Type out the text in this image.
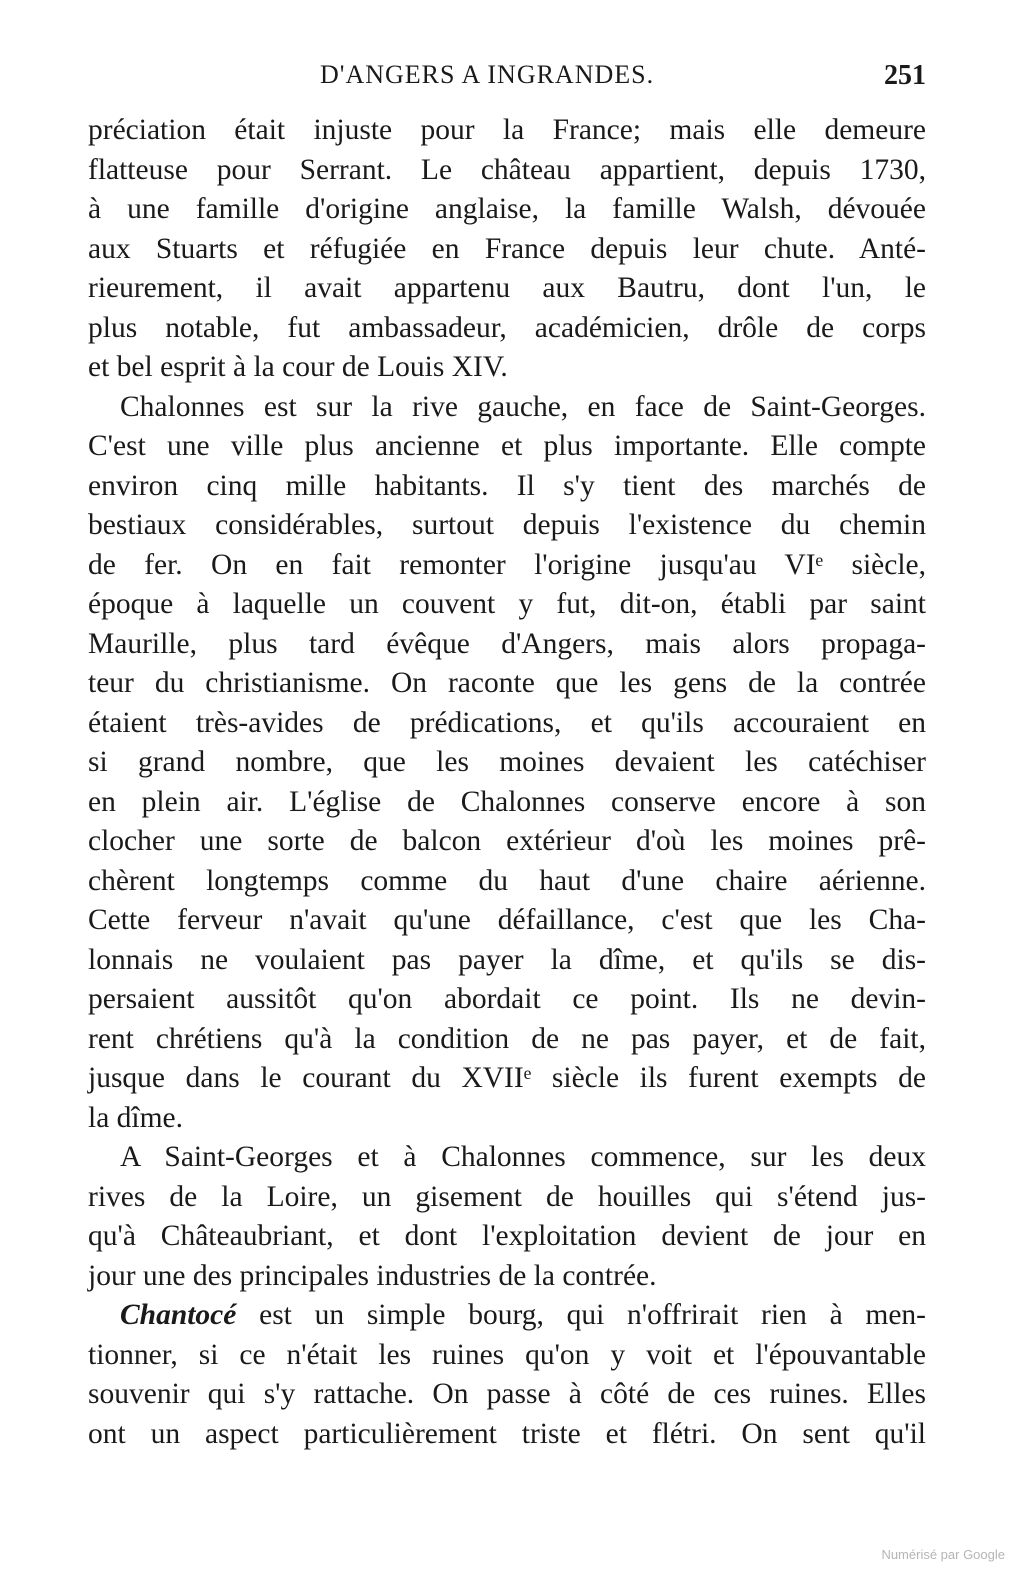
D'ANGERS A INGRANDES.	251
préciation était injuste pour la France; mais elle demeure
flatteuse pour Serrant. Le château appartient, depuis 1730,
à une famille d'origine anglaise, la famille Walsh, dévouée
aux Stuarts et réfugiée en France depuis leur chute. Anté-
rieurement, il avait appartenu aux Bautru, dont l'un, le
plus notable, fut ambassadeur, académicien, drôle de corps
et bel esprit à la cour de Louis XIV.
Chalonnes est sur la rive gauche, en face de Saint-Georges.
C'est une ville plus ancienne et plus importante. Elle compte
environ cinq mille habitants. Il s'y tient des marchés de
bestiaux considérables, surtout depuis l'existence du chemin
de fer. On en fait remonter l'origine jusqu'au VIᵉ siècle,
époque à laquelle un couvent y fut, dit-on, établi par saint
Maurille, plus tard évêque d'Angers, mais alors propaga-
teur du christianisme. On raconte que les gens de la contrée
étaient très-avides de prédications, et qu'ils accouraient en
si grand nombre, que les moines devaient les catéchiser
en plein air. L'église de Chalonnes conserve encore à son
clocher une sorte de balcon extérieur d'où les moines prê-
chèrent longtemps comme du haut d'une chaire aérienne.
Cette ferveur n'avait qu'une défaillance, c'est que les Cha-
lonnais ne voulaient pas payer la dîme, et qu'ils se dis-
persaient aussitôt qu'on abordait ce point. Ils ne devin-
rent chrétiens qu'à la condition de ne pas payer, et de fait,
jusque dans le courant du XVIIᵉ siècle ils furent exempts de
la dîme.
A Saint-Georges et à Chalonnes commence, sur les deux
rives de la Loire, un gisement de houilles qui s'étend jus-
qu'à Châteaubriant, et dont l'exploitation devient de jour en
jour une des principales industries de la contrée.
Chantocé est un simple bourg, qui n'offrirait rien à men-
tionner, si ce n'était les ruines qu'on y voit et l'épouvantable
souvenir qui s'y rattache. On passe à côté de ces ruines. Elles
ont un aspect particulièrement triste et flétri. On sent qu'il
Numérisé par Google
